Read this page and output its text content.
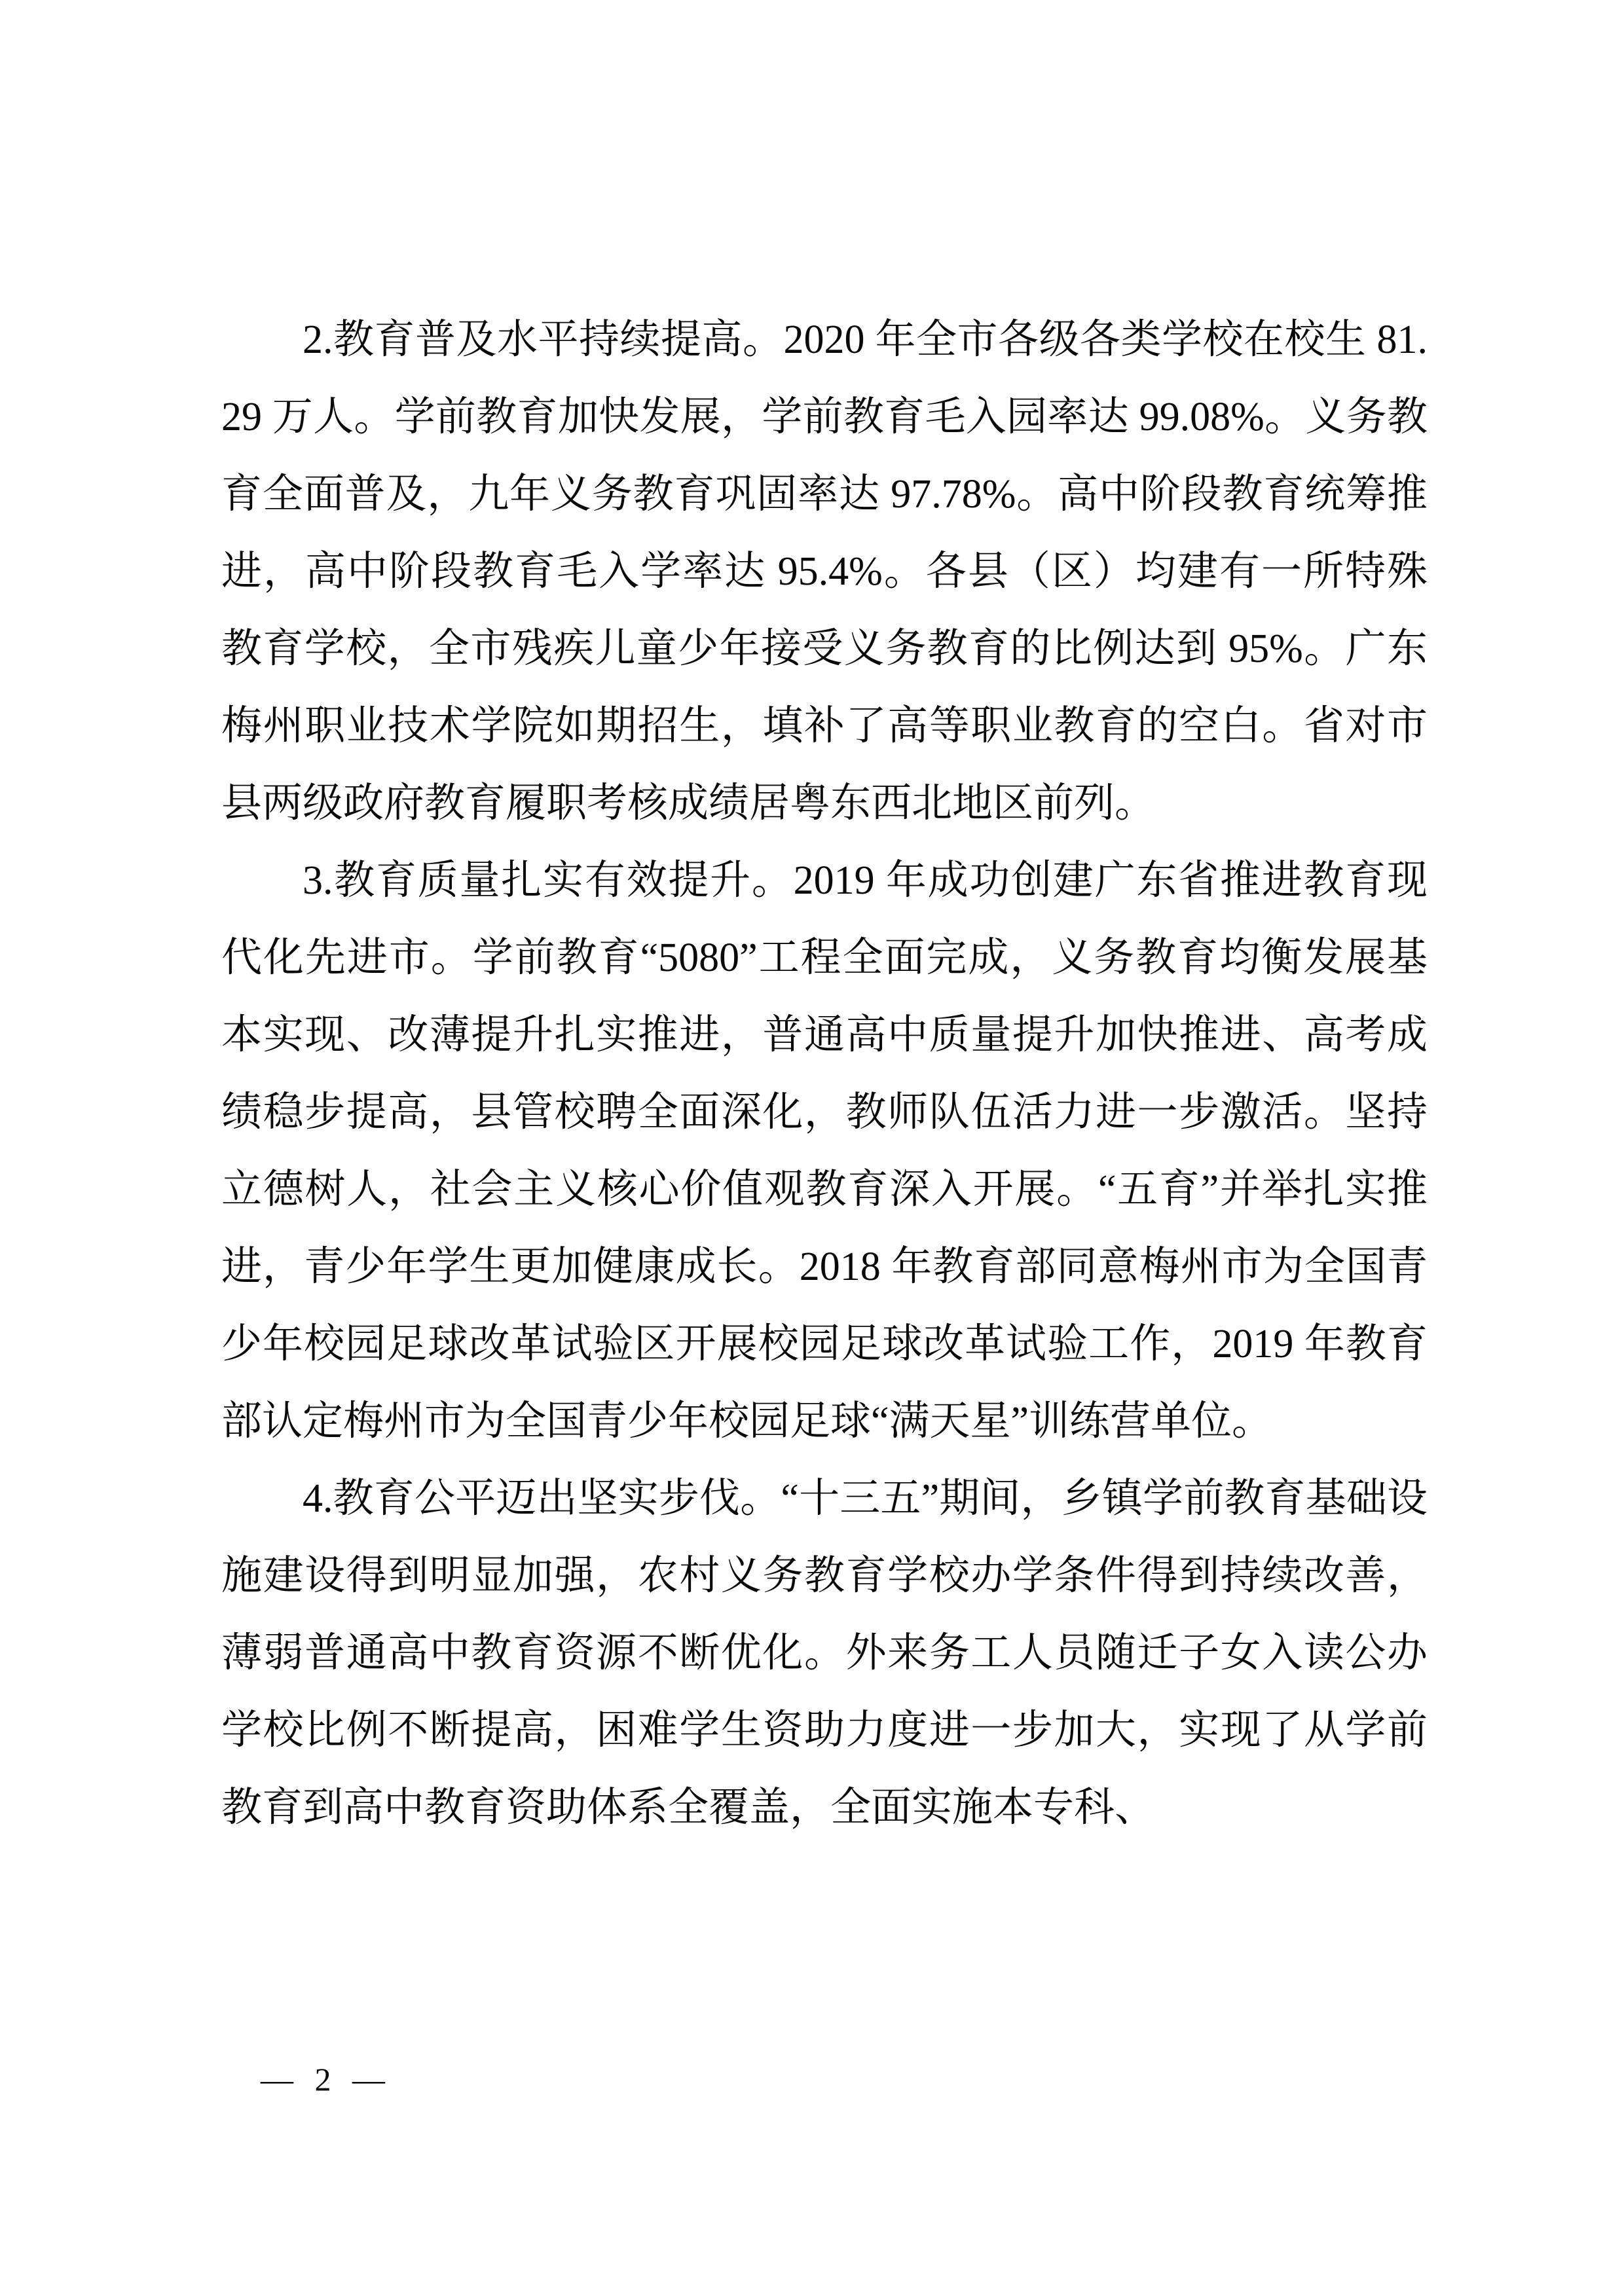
2.教育普及水平持续提高。2020 年全市各级各类学校在校生 81.29 万人。学前教育加快发展，学前教育毛入园率达 99.08%。义务教育全面普及，九年义务教育巩固率达 97.78%。高中阶段教育统筹推进，高中阶段教育毛入学率达 95.4%。各县（区）均建有一所特殊教育学校，全市残疾儿童少年接受义务教育的比例达到 95%。广东梅州职业技术学院如期招生，填补了高等职业教育的空白。省对市县两级政府教育履职考核成绩居粤东西北地区前列。

3.教育质量扎实有效提升。2019 年成功创建广东省推进教育现代化先进市。学前教育“5080”工程全面完成，义务教育均衡发展基本实现、改薄提升扎实推进，普通高中质量提升加快推进、高考成绩稳步提高，县管校聘全面深化，教师队伍活力进一步激活。坚持立德树人，社会主义核心价值观教育深入开展。“五育”并举扎实推进，青少年学生更加健康成长。2018 年教育部同意梅州市为全国青少年校园足球改革试验区开展校园足球改革试验工作，2019 年教育部认定梅州市为全国青少年校园足球“满天星”训练营单位。

4.教育公平迈出坚实步伐。“十三五”期间，乡镇学前教育基础设施建设得到明显加强，农村义务教育学校办学条件得到持续改善，薄弱普通高中教育资源不断优化。外来务工人员随迁子女入读公办学校比例不断提高，困难学生资助力度进一步加大，实现了从学前教育到高中教育资助体系全覆盖，全面实施本专科、

— 2 —
